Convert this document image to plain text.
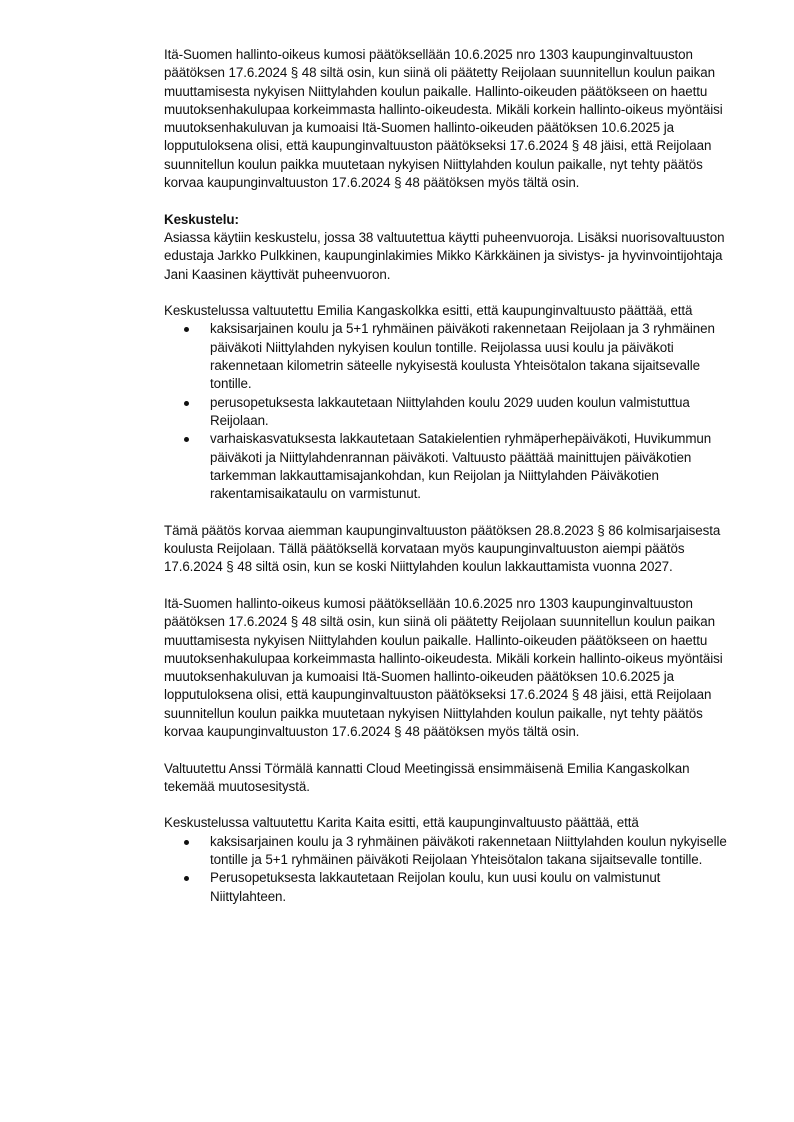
Itä-Suomen hallinto-oikeus kumosi päätöksellään 10.6.2025 nro 1303 kaupunginvaltuuston päätöksen 17.6.2024 § 48 siltä osin, kun siinä oli päätetty Reijolaan suunnitellun koulun paikan muuttamisesta nykyisen Niittylahden koulun paikalle. Hallinto-oikeuden päätökseen on haettu muutoksenhakulupaa korkeimmasta hallinto-oikeudesta. Mikäli korkein hallinto-oikeus myöntäisi muutoksenhakuluvan ja kumoaisi Itä-Suomen hallinto-oikeuden päätöksen 10.6.2025 ja lopputuloksena olisi, että kaupunginvaltuuston päätökseksi 17.6.2024 § 48 jäisi, että Reijolaan suunnitellun koulun paikka muutetaan nykyisen Niittylahden koulun paikalle, nyt tehty päätös korvaa kaupunginvaltuuston 17.6.2024 § 48 päätöksen myös tältä osin.

Keskustelu:

Asiassa käytiin keskustelu, jossa 38 valtuutettua käytti puheenvuoroja. Lisäksi nuorisovaltuuston edustaja Jarkko Pulkkinen, kaupunginlakimies Mikko Kärkkäinen ja sivistys- ja hyvinvointijohtaja Jani Kaasinen käyttivät puheenvuoron.

Keskustelussa valtuutettu Emilia Kangaskolkka esitti, että kaupunginvaltuusto päättää, että

kaksisarjainen koulu ja 5+1 ryhmäinen päiväkoti rakennetaan Reijolaan ja 3 ryhmäinen päiväkoti Niittylahden nykyisen koulun tontille. Reijolassa uusi koulu ja päiväkoti rakennetaan kilometrin säteelle nykyisestä koulusta Yhteisötalon takana sijaitsevalle tontille.
perusopetuksesta lakkautetaan Niittylahden koulu 2029 uuden koulun valmistuttua Reijolaan.
varhaiskasvatuksesta lakkautetaan Satakielentien ryhmäperhepäiväkoti, Huvikummun päiväkoti ja Niittylahdenrannan päiväkoti. Valtuusto päättää mainittujen päiväkotien tarkemman lakkauttamisajankohdan, kun Reijolan ja Niittylahden Päiväkotien rakentamisaikataulu on varmistunut.

Tämä päätös korvaa aiemman kaupunginvaltuuston päätöksen 28.8.2023 § 86 kolmisarjaisesta koulusta Reijolaan. Tällä päätöksellä korvataan myös kaupunginvaltuuston aiempi päätös 17.6.2024 § 48 siltä osin, kun se koski Niittylahden koulun lakkauttamista vuonna 2027.

Itä-Suomen hallinto-oikeus kumosi päätöksellään 10.6.2025 nro 1303 kaupunginvaltuuston päätöksen 17.6.2024 § 48 siltä osin, kun siinä oli päätetty Reijolaan suunnitellun koulun paikan muuttamisesta nykyisen Niittylahden koulun paikalle. Hallinto-oikeuden päätökseen on haettu muutoksenhakulupaa korkeimmasta hallinto-oikeudesta. Mikäli korkein hallinto-oikeus myöntäisi muutoksenhakuluvan ja kumoaisi Itä-Suomen hallinto-oikeuden päätöksen 10.6.2025 ja lopputuloksena olisi, että kaupunginvaltuuston päätökseksi 17.6.2024 § 48 jäisi, että Reijolaan suunnitellun koulun paikka muutetaan nykyisen Niittylahden koulun paikalle, nyt tehty päätös korvaa kaupunginvaltuuston 17.6.2024 § 48 päätöksen myös tältä osin.

Valtuutettu Anssi Törmälä kannatti Cloud Meetingissä ensimmäisenä Emilia Kangaskolkan tekemää muutosesitystä.

Keskustelussa valtuutettu Karita Kaita esitti, että kaupunginvaltuusto päättää, että

kaksisarjainen koulu ja 3 ryhmäinen päiväkoti rakennetaan Niittylahden koulun nykyiselle tontille ja 5+1 ryhmäinen päiväkoti Reijolaan Yhteisötalon takana sijaitsevalle tontille.
Perusopetuksesta lakkautetaan Reijolan koulu, kun uusi koulu on valmistunut Niittylahteen.
